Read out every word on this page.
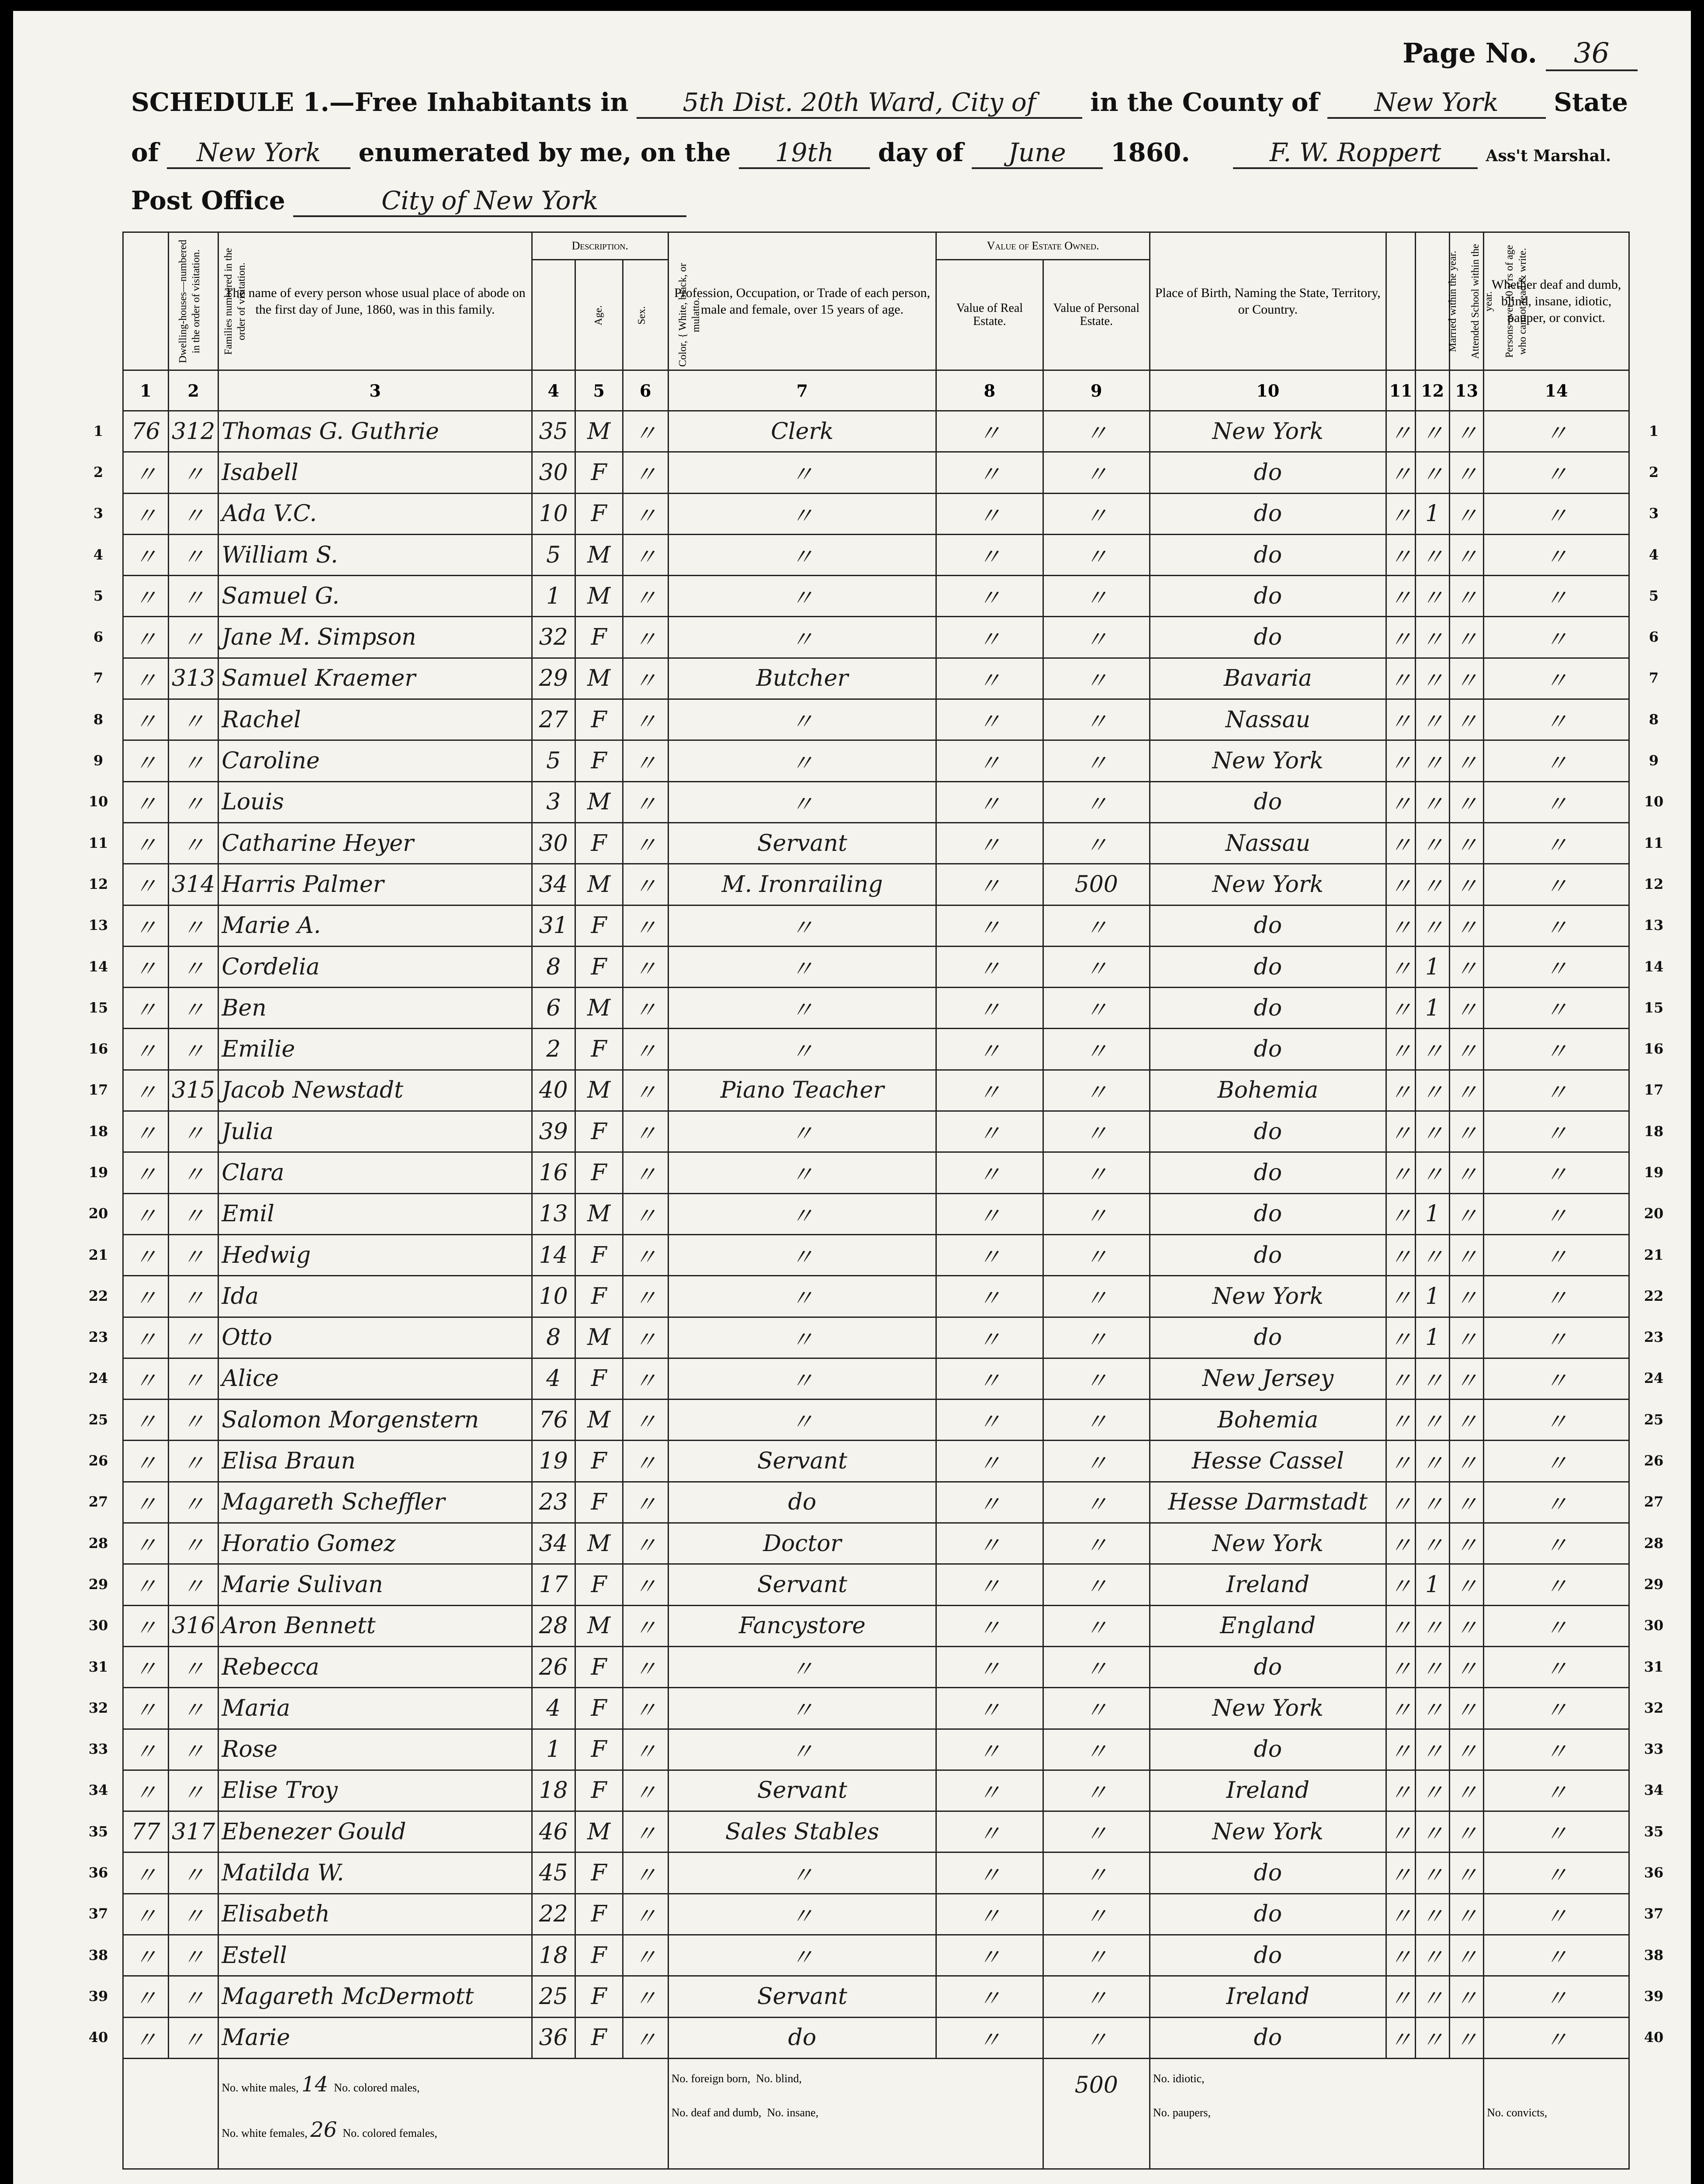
Page No. 36
SCHEDULE 1.—Free Inhabitants in 5th Dist. 20th Ward, City of in the County of New York State
of New York enumerated by me, on the 19th day of June 1860.	F. W. Roppert	Ass't Marshal.
Post Office	City of New York
1
2
3
4
5
6
7
8
9
10
11
12
13
14
15
16
17
18
19
20
21
22
23
24
25
26
27
28
29
30
31
32
33
34
35
36
37
38
39
40
1
2
3
4
5
6
7
8
9
10
11
12
13
14
15
16
17
18
19
20
21
22
23
24
25
26
27
28
29
30
31
32
33
34
35
36
37
38
39
40
Dwelling-houses—numbered in the order of visitation.	Families numbered in the order of visitation.	The name of every person whose usual place of abode on the first day of June, 1860, was in this family.	Description.			Profession, Occupation, or Trade of each person, male and female, over 15 years of age.	Value of Estate Owned.		Place of Birth, Naming the State, Territory, or Country.	Married within the year.	Attended School within the year.	Persons over 20 y'rs of age who cannot read & write.	Whether deaf and dumb, blind, insane, idiotic, pauper, or convict.
			Age.	Sex.	Color, { White, black, or mulatto.		Value of Real Estate.	Value of Personal Estate.					
1	2	3	4	5	6	7	8	9	10	11	12	13	14
76	312	Thomas G. Guthrie	35	M	〃	Clerk	〃	〃	New York	〃	〃	〃	〃
〃	〃	Isabell	30	F	〃	〃	〃	〃	do	〃	〃	〃	〃
〃	〃	Ada V.C.	10	F	〃	〃	〃	〃	do	〃	1	〃	〃
〃	〃	William S.	5	M	〃	〃	〃	〃	do	〃	〃	〃	〃
〃	〃	Samuel G.	1	M	〃	〃	〃	〃	do	〃	〃	〃	〃
〃	〃	Jane M. Simpson	32	F	〃	〃	〃	〃	do	〃	〃	〃	〃
〃	313	Samuel Kraemer	29	M	〃	Butcher	〃	〃	Bavaria	〃	〃	〃	〃
〃	〃	Rachel	27	F	〃	〃	〃	〃	Nassau	〃	〃	〃	〃
〃	〃	Caroline	5	F	〃	〃	〃	〃	New York	〃	〃	〃	〃
〃	〃	Louis	3	M	〃	〃	〃	〃	do	〃	〃	〃	〃
〃	〃	Catharine Heyer	30	F	〃	Servant	〃	〃	Nassau	〃	〃	〃	〃
〃	314	Harris Palmer	34	M	〃	M. Ironrailing	〃	500	New York	〃	〃	〃	〃
〃	〃	Marie A.	31	F	〃	〃	〃	〃	do	〃	〃	〃	〃
〃	〃	Cordelia	8	F	〃	〃	〃	〃	do	〃	1	〃	〃
〃	〃	Ben	6	M	〃	〃	〃	〃	do	〃	1	〃	〃
〃	〃	Emilie	2	F	〃	〃	〃	〃	do	〃	〃	〃	〃
〃	315	Jacob Newstadt	40	M	〃	Piano Teacher	〃	〃	Bohemia	〃	〃	〃	〃
〃	〃	Julia	39	F	〃	〃	〃	〃	do	〃	〃	〃	〃
〃	〃	Clara	16	F	〃	〃	〃	〃	do	〃	〃	〃	〃
〃	〃	Emil	13	M	〃	〃	〃	〃	do	〃	1	〃	〃
〃	〃	Hedwig	14	F	〃	〃	〃	〃	do	〃	〃	〃	〃
〃	〃	Ida	10	F	〃	〃	〃	〃	New York	〃	1	〃	〃
〃	〃	Otto	8	M	〃	〃	〃	〃	do	〃	1	〃	〃
〃	〃	Alice	4	F	〃	〃	〃	〃	New Jersey	〃	〃	〃	〃
〃	〃	Salomon Morgenstern	76	M	〃	〃	〃	〃	Bohemia	〃	〃	〃	〃
〃	〃	Elisa Braun	19	F	〃	Servant	〃	〃	Hesse Cassel	〃	〃	〃	〃
〃	〃	Magareth Scheffler	23	F	〃	do	〃	〃	Hesse Darmstadt	〃	〃	〃	〃
〃	〃	Horatio Gomez	34	M	〃	Doctor	〃	〃	New York	〃	〃	〃	〃
〃	〃	Marie Sulivan	17	F	〃	Servant	〃	〃	Ireland	〃	1	〃	〃
〃	316	Aron Bennett	28	M	〃	Fancystore	〃	〃	England	〃	〃	〃	〃
〃	〃	Rebecca	26	F	〃	〃	〃	〃	do	〃	〃	〃	〃
〃	〃	Maria	4	F	〃	〃	〃	〃	New York	〃	〃	〃	〃
〃	〃	Rose	1	F	〃	〃	〃	〃	do	〃	〃	〃	〃
〃	〃	Elise Troy	18	F	〃	Servant	〃	〃	Ireland	〃	〃	〃	〃
77	317	Ebenezer Gould	46	M	〃	Sales Stables	〃	〃	New York	〃	〃	〃	〃
〃	〃	Matilda W.	45	F	〃	〃	〃	〃	do	〃	〃	〃	〃
〃	〃	Elisabeth	22	F	〃	〃	〃	〃	do	〃	〃	〃	〃
〃	〃	Estell	18	F	〃	〃	〃	〃	do	〃	〃	〃	〃
〃	〃	Magareth McDermott	25	F	〃	Servant	〃	〃	Ireland	〃	〃	〃	〃
〃	〃	Marie	36	F	〃	do	〃	〃	do	〃	〃	〃	〃

		No. white males, 14 No. colored males,
No. white females, 26 No. colored females,				No. foreign born, No. blind,
No. deaf and dumb, No. insane,		500	No. idiotic,
No. paupers,				No. convicts,
